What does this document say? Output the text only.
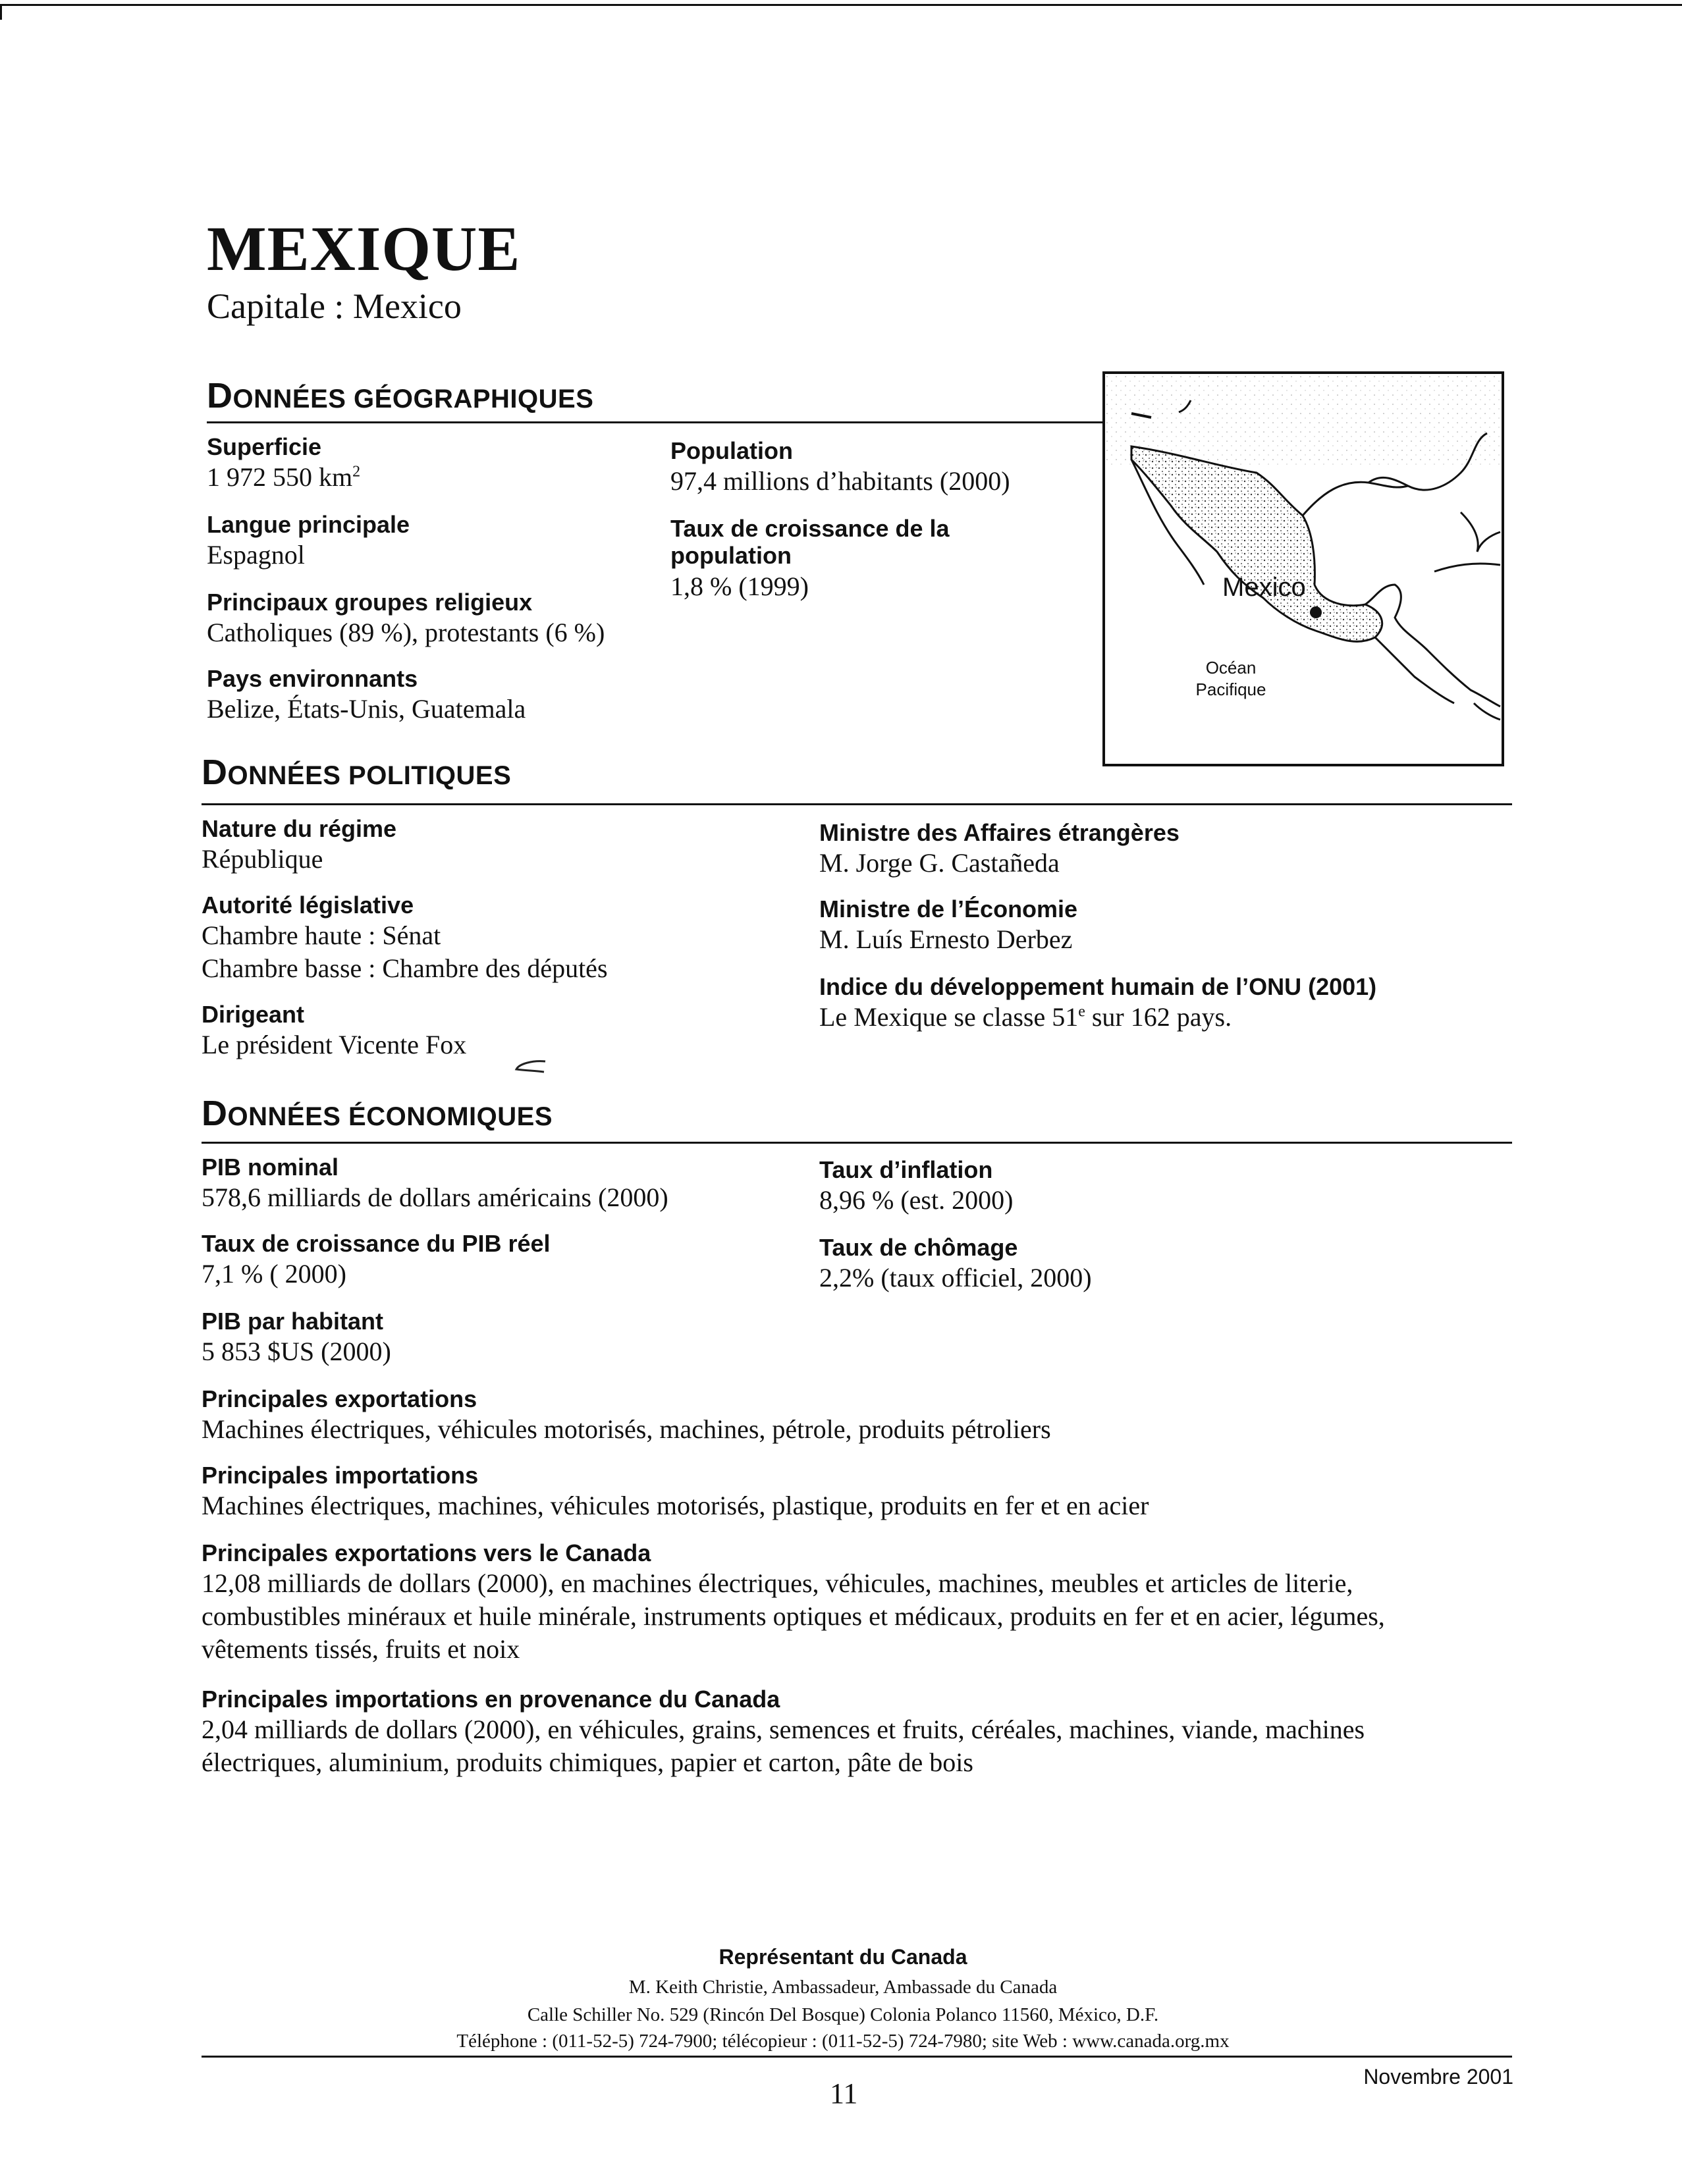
MEXIQUE
Capitale : Mexico
DONNÉES GÉOGRAPHIQUES
Superficie
1 972 550 $km^2$
Langue principale
Espagnol
Principaux groupes religieux
Catholiques (89 %), protestants (6 %)
Pays environnants
Belize, États-Unis, Guatemala
Population
97,4 millions d’habitants (2000)
Taux de croissance de la
population
1,8 % (1999)	Mexico
Océan
Pacifique
DONNÉES POLITIQUES
Nature du régime
République
Autorité législative
Chambre haute : Sénat
Chambre basse : Chambre des députés
Dirigeant
Le président Vicente Fox
Ministre des Affaires étrangères
M. Jorge G. Castañeda
Ministre de l’Économie
M. Luís Ernesto Derbez
Indice du développement humain de l’ONU (2001)
Le Mexique se classe 51e sur 162 pays.
DONNÉES ÉCONOMIQUES
PIB nominal
578,6 milliards de dollars américains (2000)
Taux de croissance du PIB réel
7,1 % ( 2000)
PIB par habitant
5 853 $US (2000)
Taux d’inflation
8,96 % (est. 2000)
Taux de chômage
2,2% (taux officiel, 2000)
Principales exportations
Machines électriques, véhicules motorisés, machines, pétrole, produits pétroliers
Principales importations
Machines électriques, machines, véhicules motorisés, plastique, produits en fer et en acier
Principales exportations vers le Canada
12,08 milliards de dollars (2000), en machines électriques, véhicules, machines, meubles et articles de literie,
combustibles minéraux et huile minérale, instruments optiques et médicaux, produits en fer et en acier, légumes,
vêtements tissés, fruits et noix
Principales importations en provenance du Canada
2,04 milliards de dollars (2000), en véhicules, grains, semences et fruits, céréales, machines, viande, machines
électriques, aluminium, produits chimiques, papier et carton, pâte de bois
Représentant du Canada
M. Keith Christie, Ambassadeur, Ambassade du Canada
Calle Schiller No. 529 (Rincón Del Bosque) Colonia Polanco 11560, México, D.F.
Téléphone : (011-52-5) 724-7900; télécopieur : (011-52-5) 724-7980; site Web : www.canada.org.mx
11
Novembre 2001
